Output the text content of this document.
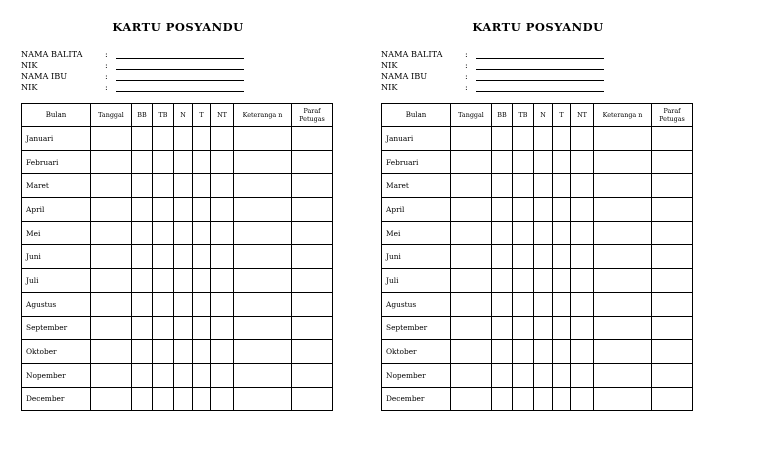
KARTU POSYANDU
NAMA BALITA	:
NIK	:
NAMA IBU	:
NIK	:
Bulan	Tanggal	BB	TB	N	T	NT	Keteranga n	Paraf Petugas
Januari								
Februari								
Maret								
April								
Mei								
Juni								
Juli								
Agustus								
September								
Oktober								
Nopember								
December								
KARTU POSYANDU
NAMA BALITA	:
NIK	:
NAMA IBU	:
NIK	:
Bulan	Tanggal	BB	TB	N	T	NT	Keteranga n	Paraf Petugas
Januari								
Februari								
Maret								
April								
Mei								
Juni								
Juli								
Agustus								
September								
Oktober								
Nopember								
December								
